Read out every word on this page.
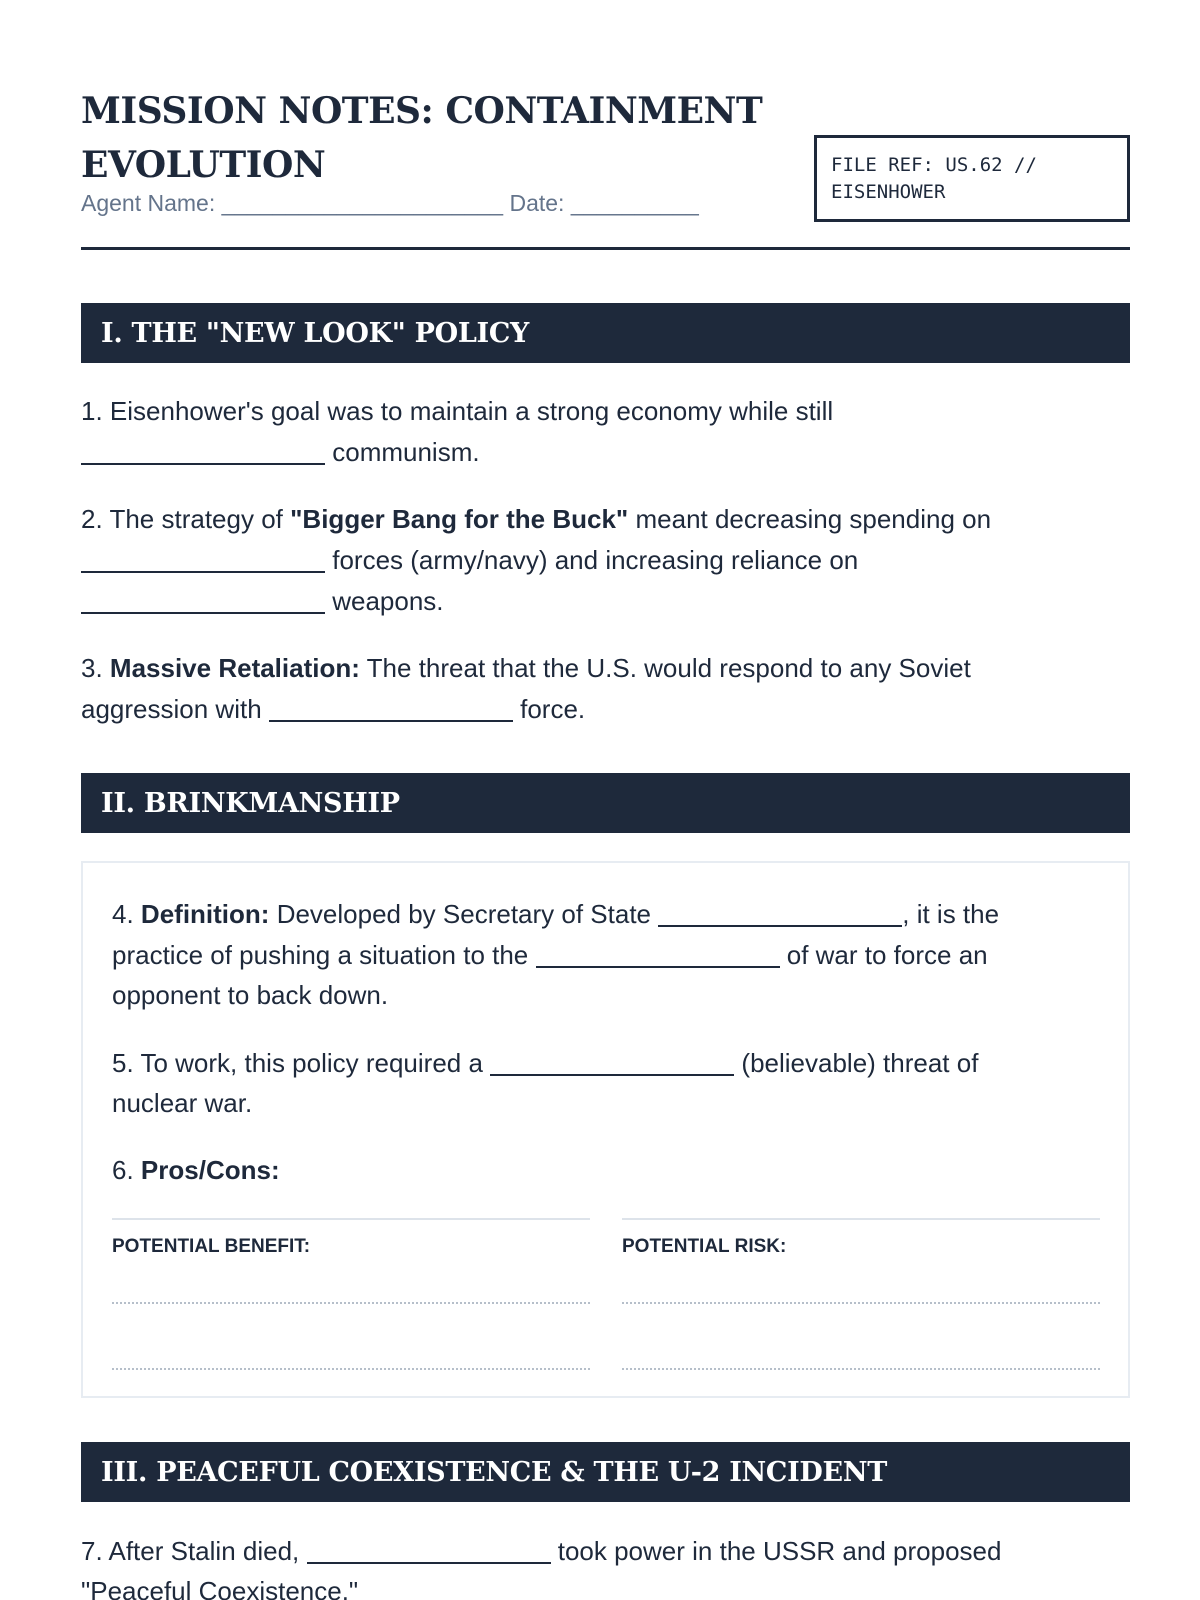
MISSION NOTES: CONTAINMENT
EVOLUTION
Agent Name: ______________________ Date: __________
FILE REF: US.62 //
EISENHOWER
I. THE "NEW LOOK" POLICY
1. Eisenhower's goal was to maintain a strong economy while still
communism.
2. The strategy of "Bigger Bang for the Buck" meant decreasing spending on
forces (army/navy) and increasing reliance on
weapons.
3. Massive Retaliation: The threat that the U.S. would respond to any Soviet
aggression with	force.
II. BRINKMANSHIP
4. Definition: Developed by Secretary of State	, it is the
practice of pushing a situation to the	of war to force an
opponent to back down.
5. To work, this policy required a	(believable) threat of
nuclear war.
6. Pros/Cons:
POTENTIAL BENEFIT:	POTENTIAL RISK:
III. PEACEFUL COEXISTENCE & THE U-2 INCIDENT
7. After Stalin died,	took power in the USSR and proposed
"Peaceful Coexistence."
